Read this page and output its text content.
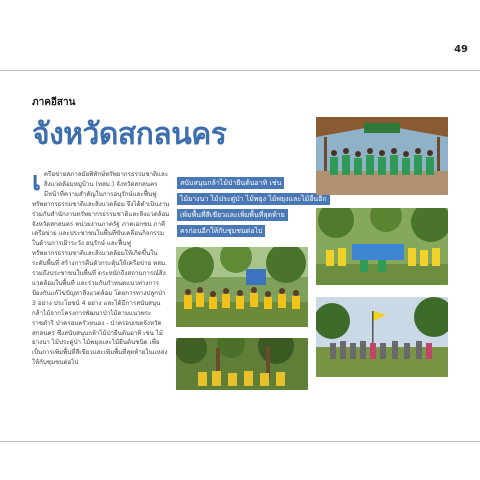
49
ภาคอีสาน
จังหวัดสกลนคร
เ ครือข่ายสภาลมัยพิทักษ์ทรัพยากรธรรมชาติและสิ่งแวดล้อมหมู่บ้าน (ทสม.) จังหวัดสกลนคร มีหน้าที่ความสำคัญในการอนุรักษ์และฟื้นฟูทรัพยากรธรรมชาติและสิ่งแวดล้อม จึงได้ดำเนินงานร่วมกับสำนักงานทรัพยากรธรรมชาติและสิ่งแวดล้อมจังหวัดสกลนคร หน่วยงานภาครัฐ ภาคเอกชน ภาคีเครือข่าย และประชาชนในพื้นที่ขับเคลื่อนกิจกรรมในด้านการเฝ้าระวัง อนุรักษ์ และฟื้นฟูทรัพยากรธรรมชาติและสิ่งแวดล้อมให้เกิดขึ้นในระดับพื้นที่ สร้างการตื่นตัวกระตุ้นให้เครือข่าย ทสม. รวมถึงประชาชนในพื้นที่ ตระหนักถึงสถานการณ์สิ่งแวดล้อมในพื้นที่ และร่วมกันกำหนดแนวทางการป้องกันแก้ไขปัญหาสิ่งแวดล้อม โดยการทางปลูกป่า 3 อย่าง ประโยชน์ 4 อย่าง และได้มีการสนับสนุนกล้าไม้จากโครงการพัฒนาป่าไม้ตามแนวพระราชดำริ ป่าครอบครัวหนอง - ป่าครอบเขตจังหวัดสกลนคร ซึ่งสนับสนุนกล้าไม้ป่ายืนต้นอาทิ เช่น ไม้ยางนา ไม้ประดู่ป่า ไม้พยุงและไม้ยืนต้นชนิด เพื่อเป็นการเพิ่มพื้นที่สีเขียวและเพิ่มพื้นที่สุดท้ายในแหล่งให้กับชุมชนต่อไป
สนับสนุนกล้าไม้ป่ายืนต้นอาทิ เช่น
ไม้ยางนา ไม้ประดู่ป่า ไม้พยุง ไม้พยุงและไม้อื่นอีก
เพิ่มพื้นที่สีเขียวและเพิ่มพื้นที่สุดท้าย
ครก่อนอีกให้กับชุมชนต่อไป
